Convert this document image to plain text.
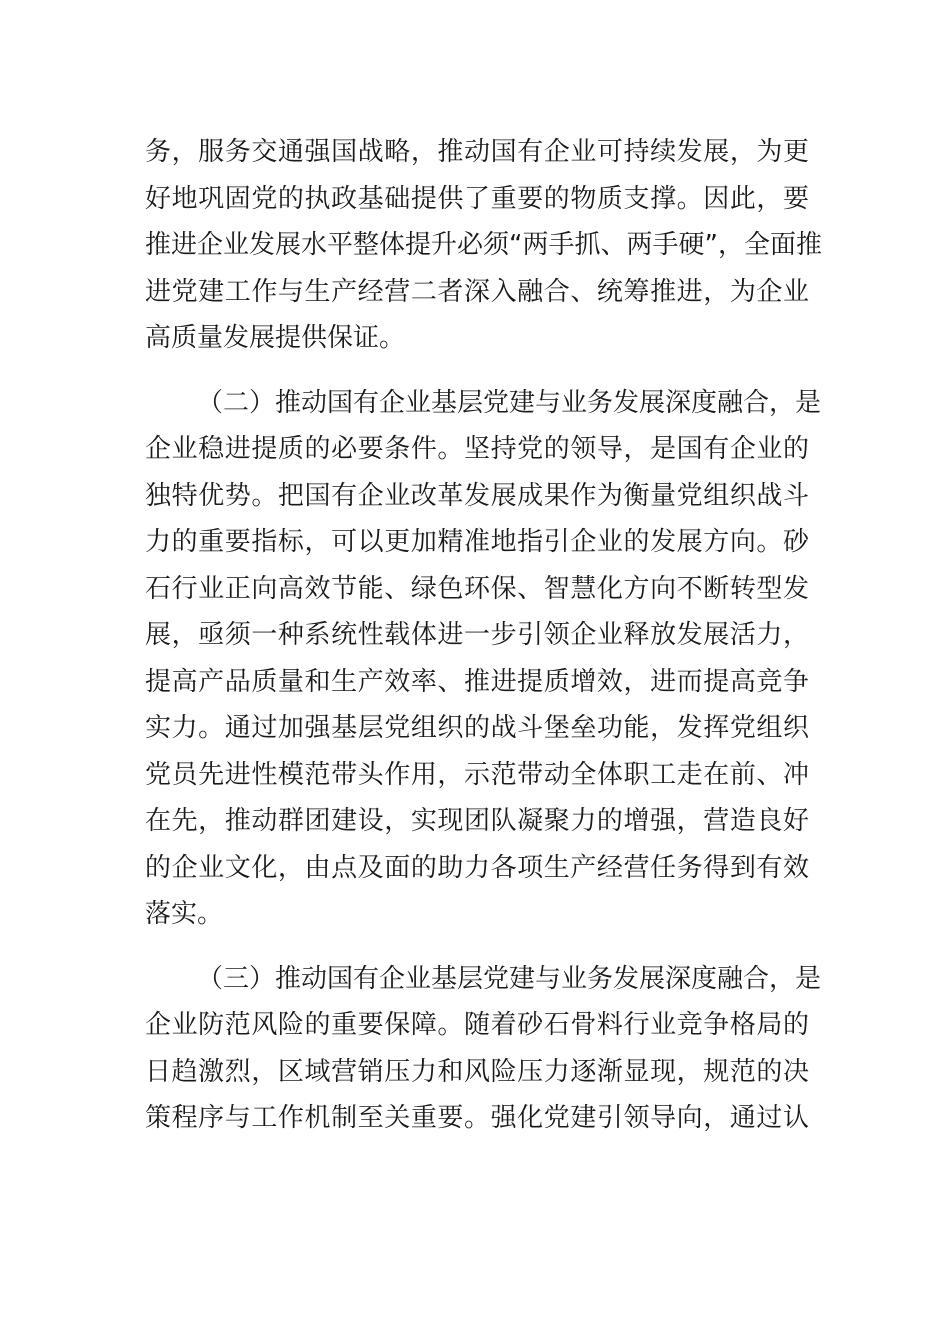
务，服务交通强国战略，推动国有企业可持续发展，为更
好地巩固党的执政基础提供了重要的物质支撑。因此，要
推进企业发展水平整体提升必须“两手抓、两手硬”，全面推
进党建工作与生产经营二者深入融合、统筹推进，为企业
高质量发展提供保证。
（二）推动国有企业基层党建与业务发展深度融合，是
企业稳进提质的必要条件。坚持党的领导，是国有企业的
独特优势。把国有企业改革发展成果作为衡量党组织战斗
力的重要指标，可以更加精准地指引企业的发展方向。砂
石行业正向高效节能、绿色环保、智慧化方向不断转型发
展，亟须一种系统性载体进一步引领企业释放发展活力，
提高产品质量和生产效率、推进提质增效，进而提高竞争
实力。通过加强基层党组织的战斗堡垒功能，发挥党组织
党员先进性模范带头作用，示范带动全体职工走在前、冲
在先，推动群团建设，实现团队凝聚力的增强，营造良好
的企业文化，由点及面的助力各项生产经营任务得到有效
落实。
（三）推动国有企业基层党建与业务发展深度融合，是
企业防范风险的重要保障。随着砂石骨料行业竞争格局的
日趋激烈，区域营销压力和风险压力逐渐显现，规范的决
策程序与工作机制至关重要。强化党建引领导向，通过认
